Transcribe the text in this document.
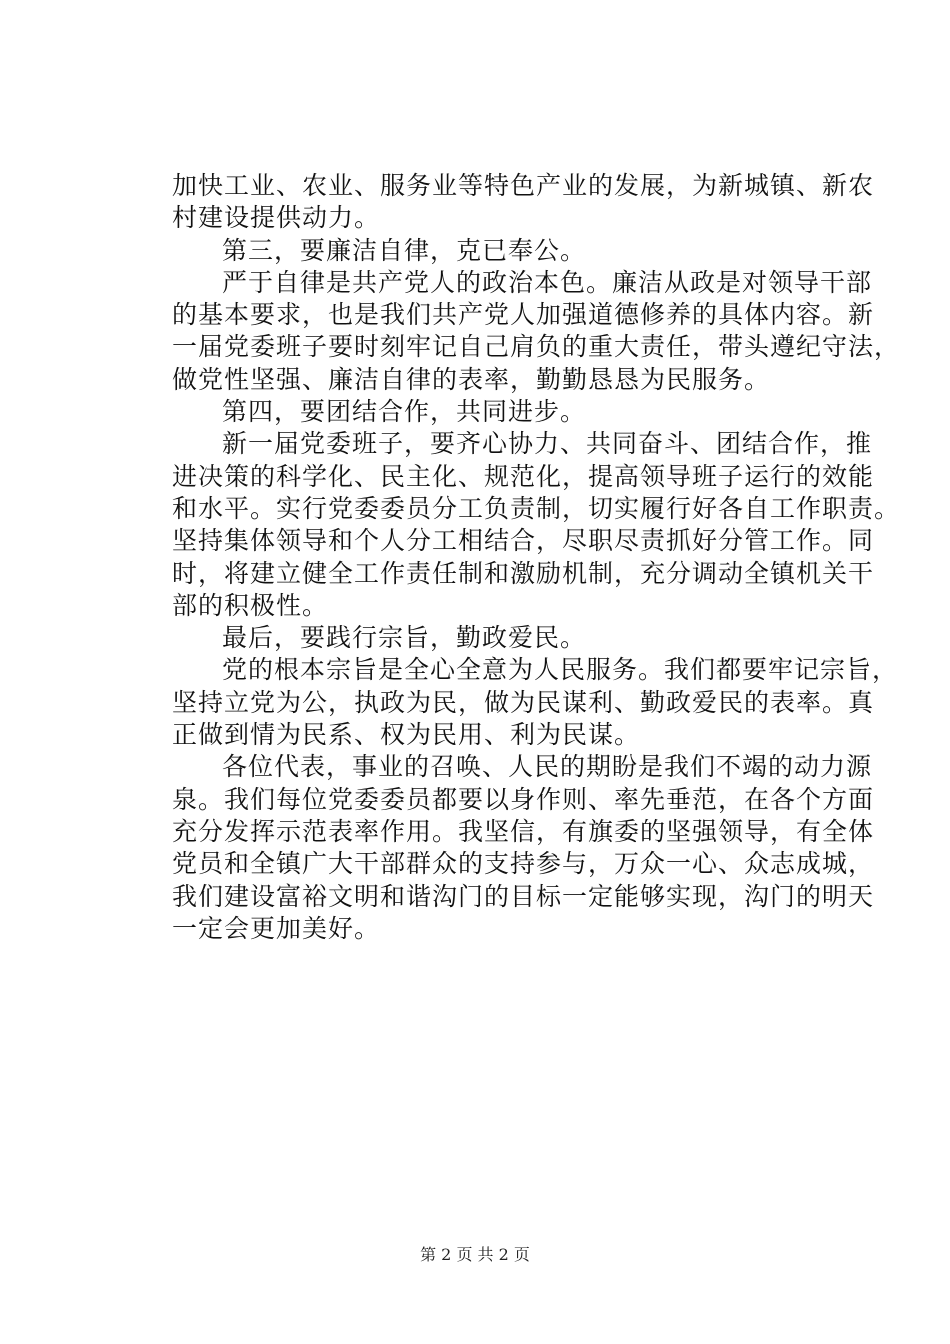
加快工业、农业、服务业等特色产业的发展，为新城镇、新农
村建设提供动力。
第三，要廉洁自律，克已奉公。
严于自律是共产党人的政治本色。廉洁从政是对领导干部
的基本要求，也是我们共产党人加强道德修养的具体内容。新
一届党委班子要时刻牢记自己肩负的重大责任，带头遵纪守法，
做党性坚强、廉洁自律的表率，勤勤恳恳为民服务。
第四，要团结合作，共同进步。
新一届党委班子，要齐心协力、共同奋斗、团结合作，推
进决策的科学化、民主化、规范化，提高领导班子运行的效能
和水平。实行党委委员分工负责制，切实履行好各自工作职责。
坚持集体领导和个人分工相结合，尽职尽责抓好分管工作。同
时，将建立健全工作责任制和激励机制，充分调动全镇机关干
部的积极性。
最后，要践行宗旨，勤政爱民。
党的根本宗旨是全心全意为人民服务。我们都要牢记宗旨，
坚持立党为公，执政为民，做为民谋利、勤政爱民的表率。真
正做到情为民系、权为民用、利为民谋。
各位代表，事业的召唤、人民的期盼是我们不竭的动力源
泉。我们每位党委委员都要以身作则、率先垂范，在各个方面
充分发挥示范表率作用。我坚信，有旗委的坚强领导，有全体
党员和全镇广大干部群众的支持参与，万众一心、众志成城，
我们建设富裕文明和谐沟门的目标一定能够实现，沟门的明天
一定会更加美好。
第 2 页 共 2 页
